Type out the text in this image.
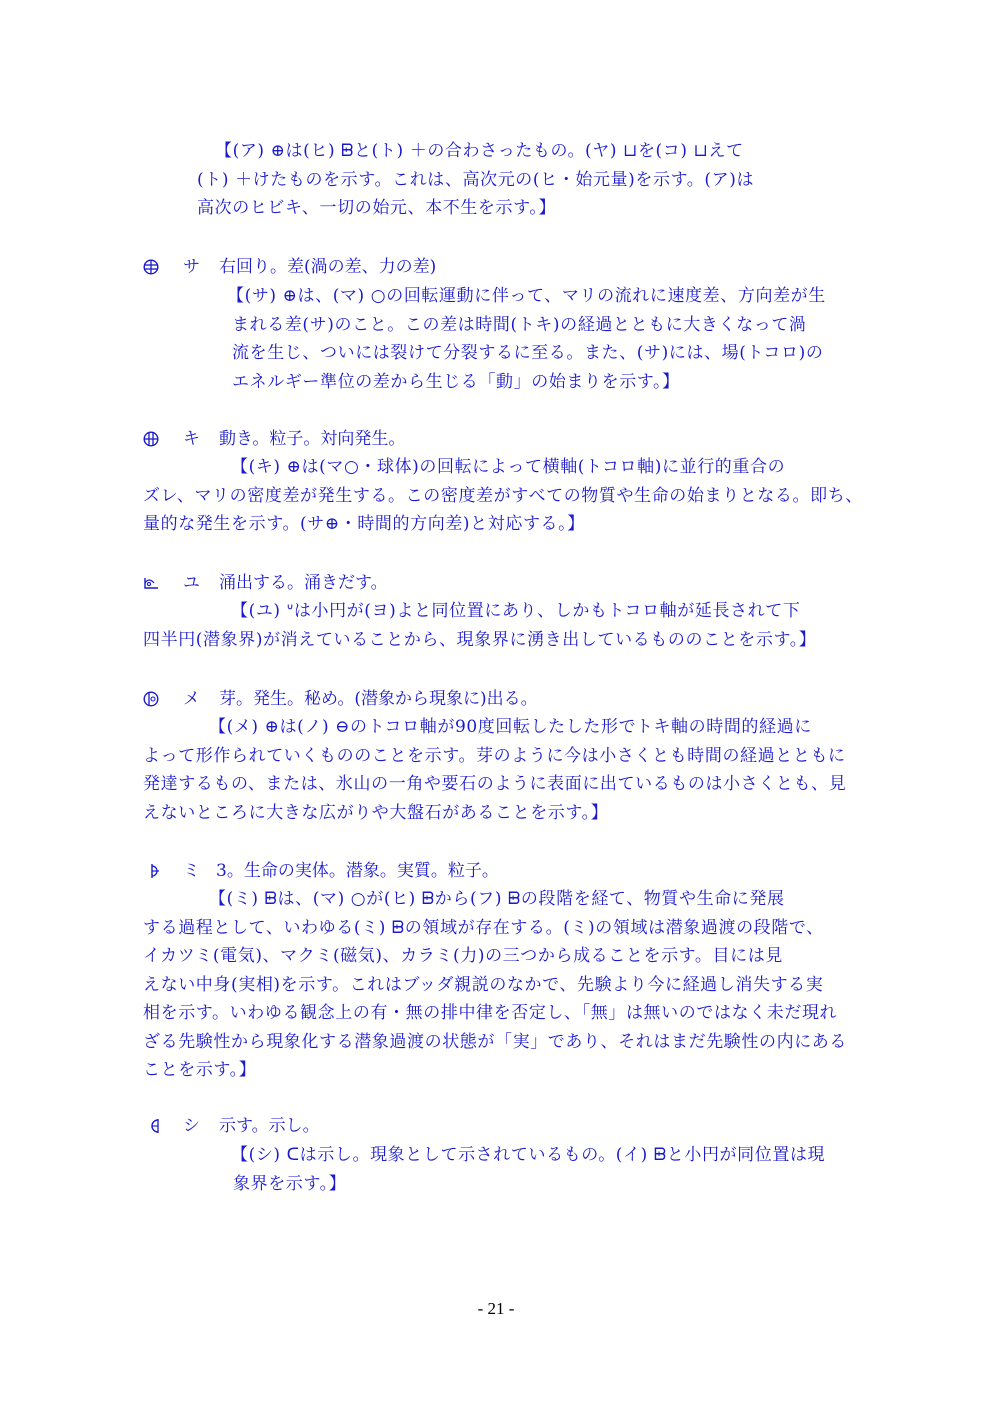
【(ア) ⊕は(ヒ) ᗸと(ト) ＋の合わさったもの。(ヤ) ⊔を(コ) ⊔えて
(ト) ＋けたものを示す。これは、高次元の(ヒ・始元量)を示す。(ア)は
高次のヒビキ、一切の始元、本不生を示す。】
サ 右回り。差(渦の差、力の差)
【(サ) ⊕は、(マ) ○の回転運動に伴って、マリの流れに速度差、方向差が生
まれる差(サ)のこと。この差は時間(トキ)の経過とともに大きくなって渦
流を生じ、ついには裂けて分裂するに至る。また、(サ)には、場(トコロ)の
エネルギー準位の差から生じる「動」の始まりを示す。】
キ 動き。粒子。対向発生。
【(キ) ⊕は(マ○・球体)の回転によって横軸(トコロ軸)に並行的重合の
ズレ、マリの密度差が発生する。この密度差がすべての物質や生命の始まりとなる。即ち、
量的な発生を示す。(サ⊕・時間的方向差)と対応する。】
ユ 涌出する。涌きだす。
【(ユ) ᐡは小円が(ヨ)よと同位置にあり、しかもトコロ軸が延長されて下
四半円(潜象界)が消えていることから、現象界に湧き出しているもののことを示す。】
メ 芽。発生。秘め。(潜象から現象に)出る。
【(メ) ⊕は(ノ) ⊖のトコロ軸が90度回転したした形でトキ軸の時間的経過に
よって形作られていくもののことを示す。芽のように今は小さくとも時間の経過とともに
発達するもの、または、氷山の一角や要石のように表面に出ているものは小さくとも、見
えないところに大きな広がりや大盤石があることを示す。】
ミ 3。生命の実体。潜象。実質。粒子。
【(ミ) ᗸは、(マ) ○が(ヒ) ᗸから(フ) ᗸの段階を経て、物質や生命に発展
する過程として、いわゆる(ミ) ᗸの領域が存在する。(ミ)の領域は潜象過渡の段階で、
イカツミ(電気)、マクミ(磁気)、カラミ(力)の三つから成ることを示す。目には見
えない中身(実相)を示す。これはブッダ親説のなかで、先験より今に経過し消失する実
相を示す。いわゆる観念上の有・無の排中律を否定し、「無」は無いのではなく未だ現れ
ざる先験性から現象化する潜象過渡の状態が「実」であり、それはまだ先験性の内にある
ことを示す。】
シ 示す。示し。
【(シ) ᑕは示し。現象として示されているもの。(イ) ᗸと小円が同位置は現
象界を示す。】
- 21 -
